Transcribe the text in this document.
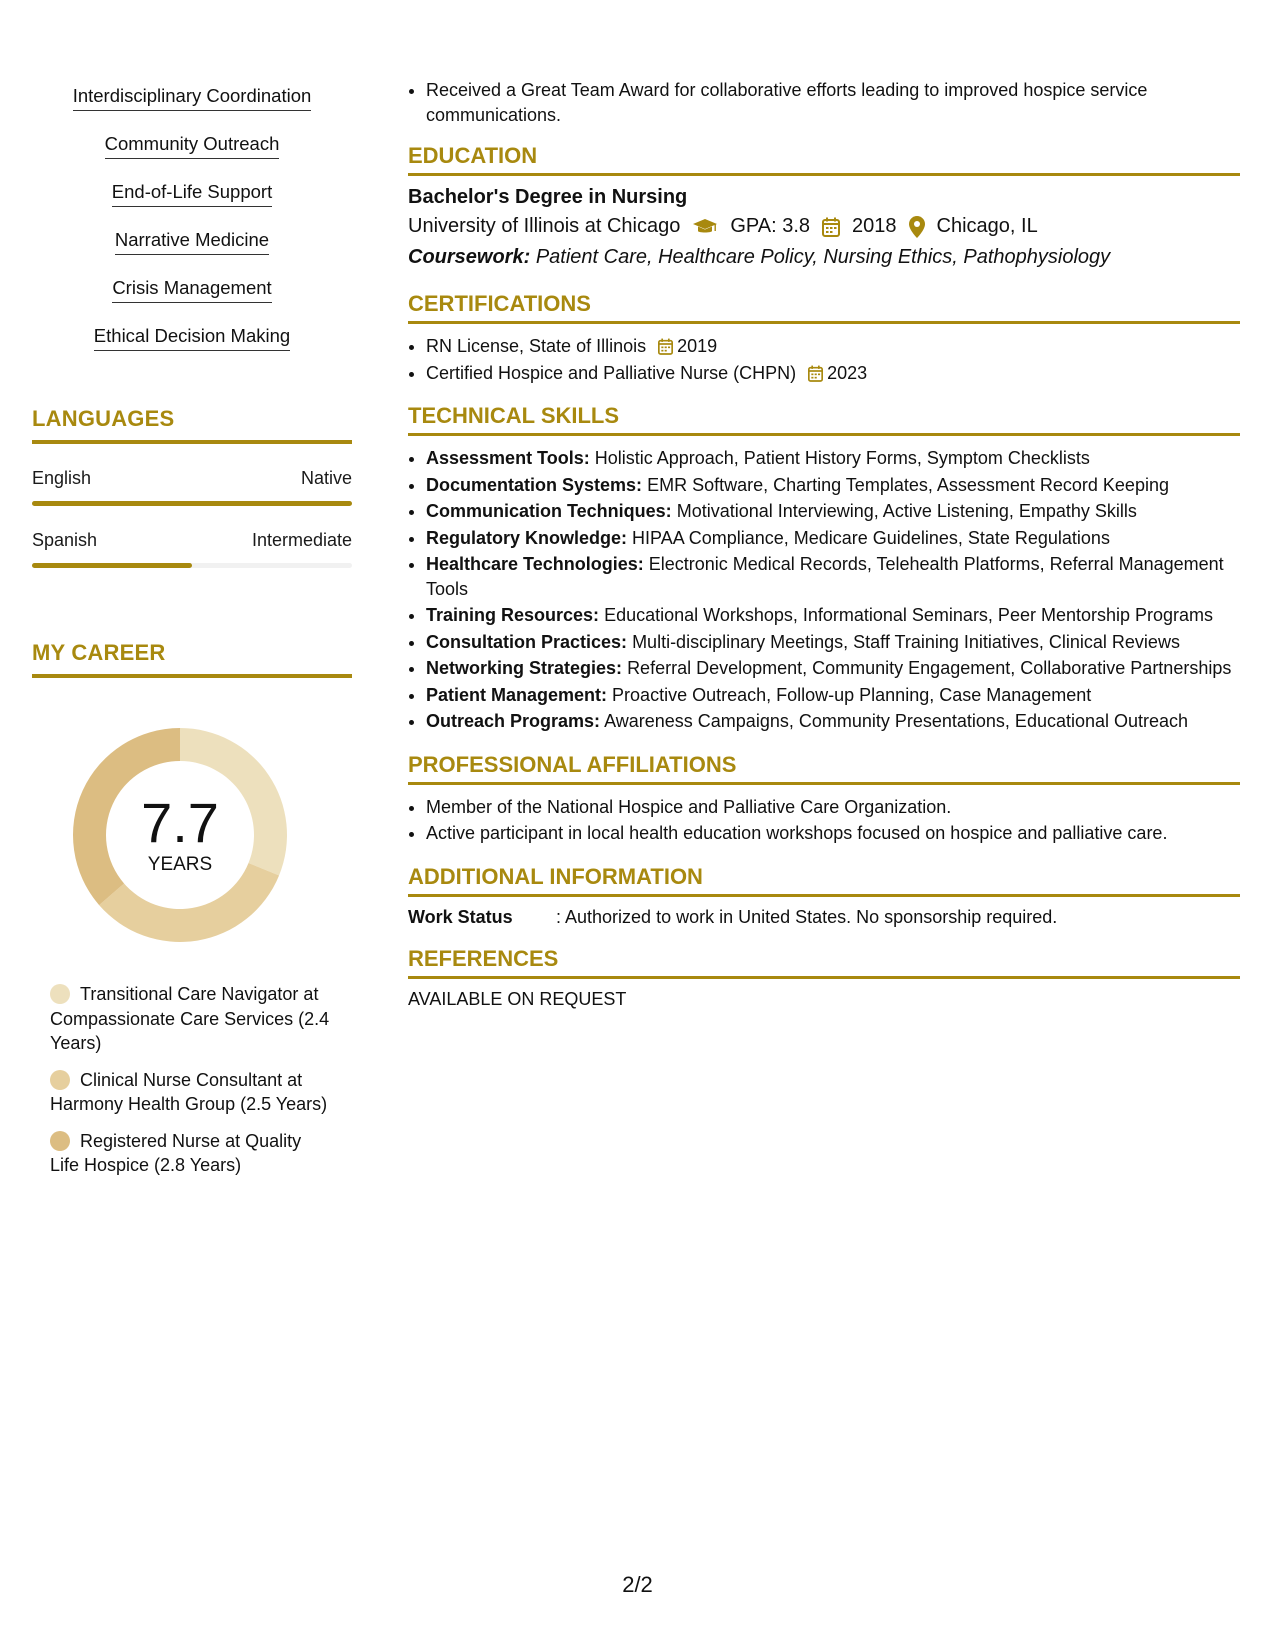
Interdisciplinary Coordination
Community Outreach
End-of-Life Support
Narrative Medicine
Crisis Management
Ethical Decision Making
LANGUAGES
English	Native
Spanish	Intermediate
MY CAREER
7.7
YEARS
Transitional Care Navigator at Compassionate Care Services (2.4 Years)
Clinical Nurse Consultant at Harmony Health Group (2.5 Years)
Registered Nurse at Quality Life Hospice (2.8 Years)
• Received a Great Team Award for collaborative efforts leading to improved hospice service communications.
EDUCATION
Bachelor's Degree in Nursing
University of Illinois at Chicago	GPA: 3.8 2018 Chicago, IL
Coursework: Patient Care, Healthcare Policy, Nursing Ethics, Pathophysiology
CERTIFICATIONS
• RN License, State of Illinois 2019
• Certified Hospice and Palliative Nurse (CHPN) 2023
TECHNICAL SKILLS
• Assessment Tools: Holistic Approach, Patient History Forms, Symptom Checklists
• Documentation Systems: EMR Software, Charting Templates, Assessment Record Keeping
• Communication Techniques: Motivational Interviewing, Active Listening, Empathy Skills
• Regulatory Knowledge: HIPAA Compliance, Medicare Guidelines, State Regulations
• Healthcare Technologies: Electronic Medical Records, Telehealth Platforms, Referral Management Tools
• Training Resources: Educational Workshops, Informational Seminars, Peer Mentorship Programs
• Consultation Practices: Multi-disciplinary Meetings, Staff Training Initiatives, Clinical Reviews
• Networking Strategies: Referral Development, Community Engagement, Collaborative Partnerships
• Patient Management: Proactive Outreach, Follow-up Planning, Case Management
• Outreach Programs: Awareness Campaigns, Community Presentations, Educational Outreach
PROFESSIONAL AFFILIATIONS
• Member of the National Hospice and Palliative Care Organization.
• Active participant in local health education workshops focused on hospice and palliative care.
ADDITIONAL INFORMATION
Work Status	: Authorized to work in United States. No sponsorship required.
REFERENCES
AVAILABLE ON REQUEST
2/2
